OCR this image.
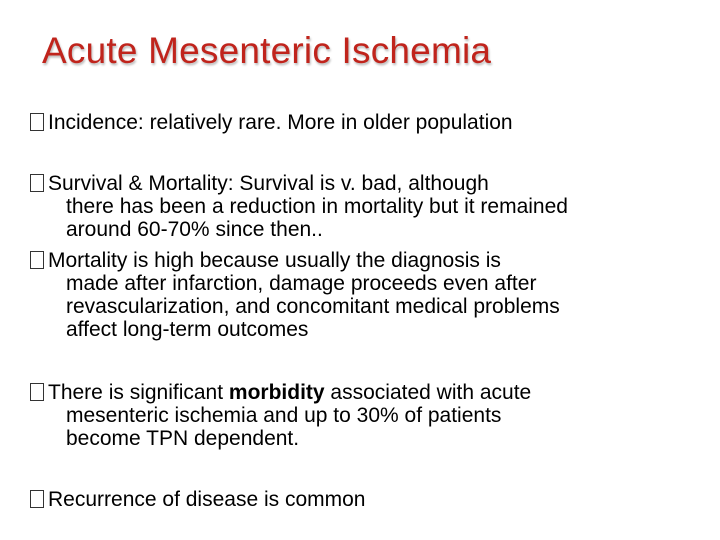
Acute Mesenteric Ischemia
Incidence: relatively rare. More in older population
Survival & Mortality: Survival is v. bad, although
there has been a reduction in mortality but it remained
around 60-70% since then..
Mortality is high because usually the diagnosis is
made after infarction, damage proceeds even after
revascularization, and concomitant medical problems
affect long-term outcomes
There is significant morbidity associated with acute
mesenteric ischemia and up to 30% of patients
become TPN dependent.
Recurrence of disease is common
